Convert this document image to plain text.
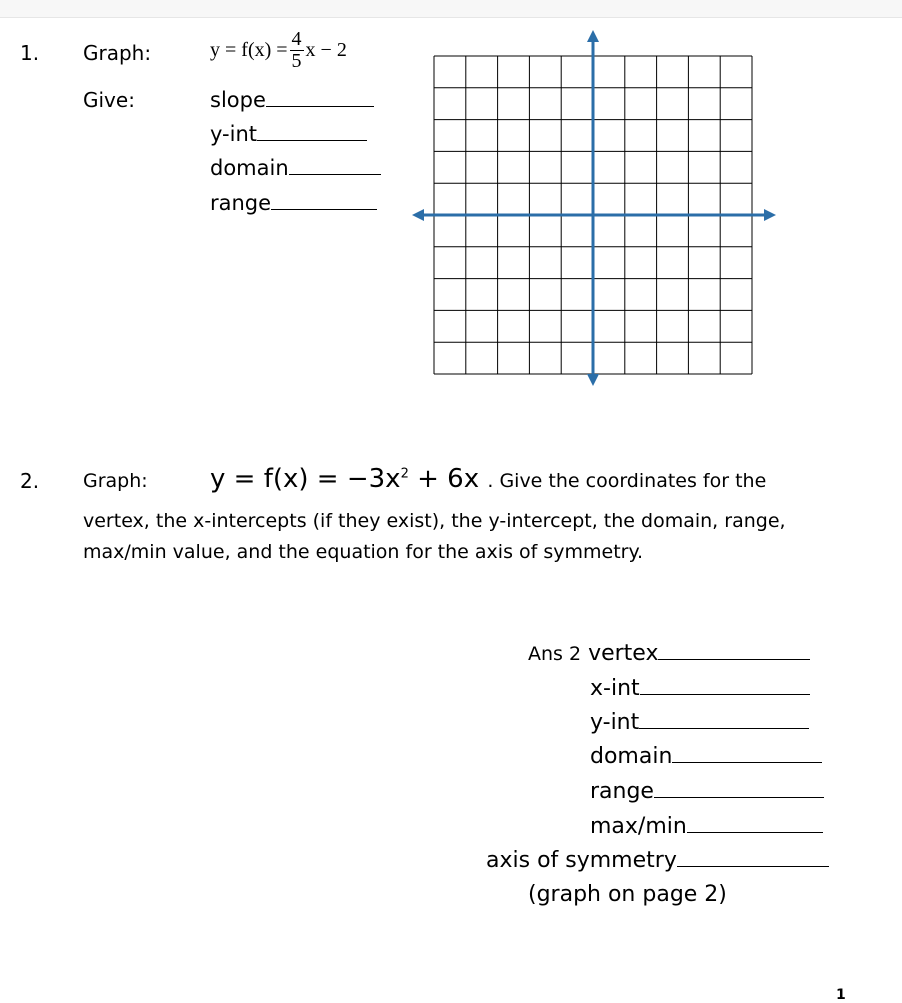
1. Graph:	$y = f(x) = \frac{4}{5}$ x − 2
Give:	slope
y-int
domain
range
2. Graph: $y = f(x) = -3x^2 + 6x$ . Give the coordinates for the
vertex, the x-intercepts (if they exist), the y-intercept, the domain, range,
max/min value, and the equation for the axis of symmetry.
Ans 2 vertex
x-int
y-int
domain
range
max/min
axis of symmetry
(graph on page 2)
1
